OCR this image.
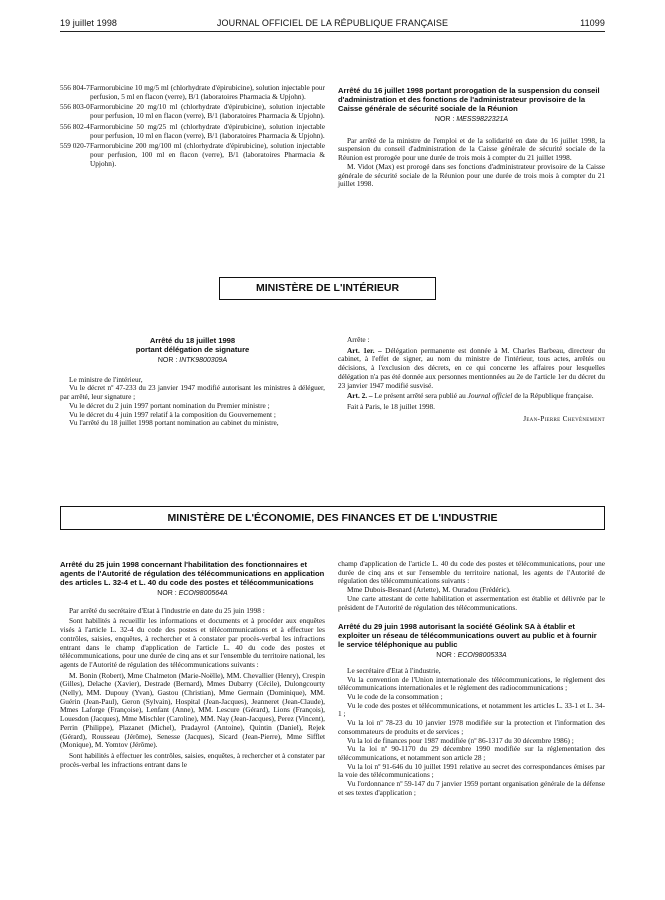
19 juillet 1998	JOURNAL OFFICIEL DE LA RÉPUBLIQUE FRANÇAISE	11099
556 804-7 Farmorubicine 10 mg/5 ml (chlorhydrate d'épirubicine), solution injectable pour perfusion, 5 ml en flacon (verre), B/1 (laboratoires Pharmacia & Upjohn).
556 803-0 Farmorubicine 20 mg/10 ml (chlorhydrate d'épirubicine), solution injectable pour perfusion, 10 ml en flacon (verre), B/1 (laboratoires Pharmacia & Upjohn).
556 802-4 Farmorubicine 50 mg/25 ml (chlorhydrate d'épirubicine), solution injectable pour perfusion, 10 ml en flacon (verre), B/1 (laboratoires Pharmacia & Upjohn).
559 020-7 Farmorubicine 200 mg/100 ml (chlorhydrate d'épirubicine), solution injectable pour perfusion, 100 ml en flacon (verre), B/1 (laboratoires Pharmacia & Upjohn).

Arrêté du 16 juillet 1998 portant prorogation de la suspension du conseil d'administration et des fonctions de l'administrateur provisoire de la Caisse générale de sécurité sociale de la Réunion

NOR : MESS9822321A

Par arrêté de la ministre de l'emploi et de la solidarité en date du 16 juillet 1998, la suspension du conseil d'administration de la Caisse générale de sécurité sociale de la Réunion est prorogée pour une durée de trois mois à compter du 21 juillet 1998.

M. Vidot (Max) est prorogé dans ses fonctions d'administrateur provisoire de la Caisse générale de sécurité sociale de la Réunion pour une durée de trois mois à compter du 21 juillet 1998.

MINISTÈRE DE L'INTÉRIEUR

Arrêté du 18 juillet 1998

portant délégation de signature

NOR : INTK9800309A

Le ministre de l'intérieur,

Vu le décret nº 47-233 du 23 janvier 1947 modifié autorisant les ministres à déléguer, par arrêté, leur signature ;

Vu le décret du 2 juin 1997 portant nomination du Premier ministre ;

Vu le décret du 4 juin 1997 relatif à la composition du Gouvernement ;

Vu l'arrêté du 18 juillet 1998 portant nomination au cabinet du ministre,

Arrête :

Art. 1er. – Délégation permanente est donnée à M. Charles Barbeau, directeur du cabinet, à l'effet de signer, au nom du ministre de l'intérieur, tous actes, arrêtés ou décisions, à l'exclusion des décrets, en ce qui concerne les affaires pour lesquelles délégation n'a pas été donnée aux personnes mentionnées au 2e de l'article 1er du décret du 23 janvier 1947 modifié susvisé.

Art. 2. – Le présent arrêté sera publié au Journal officiel de la République française.

Fait à Paris, le 18 juillet 1998.

Jean-Pierre Chevènement

MINISTÈRE DE L'ÉCONOMIE, DES FINANCES ET DE L'INDUSTRIE

Arrêté du 25 juin 1998 concernant l'habilitation des fonctionnaires et agents de l'Autorité de régulation des télécommunications en application des articles L. 32-4 et L. 40 du code des postes et télécommunications

NOR : ECOI9800564A

Par arrêté du secrétaire d'Etat à l'industrie en date du 25 juin 1998 :

Sont habilités à recueillir les informations et documents et à procéder aux enquêtes visés à l'article L. 32-4 du code des postes et télécommunications et à effectuer les contrôles, saisies, enquêtes, à rechercher et à constater par procès-verbal les infractions entrant dans le champ d'application de l'article L. 40 du code des postes et télécommunications, pour une durée de cinq ans et sur l'ensemble du territoire national, les agents de l'Autorité de régulation des télécommunications suivants :

M. Bonin (Robert), Mme Chalmeton (Marie-Noëlle), MM. Chevallier (Henry), Crespin (Gilles), Delache (Xavier), Destrade (Bernard), Mmes Dubarry (Cécile), Dulongcourty (Nelly), MM. Dupouy (Yvan), Gastou (Christian), Mme Germain (Dominique), MM. Guérin (Jean-Paul), Geron (Sylvain), Hospital (Jean-Jacques), Jeanneret (Jean-Claude), Mmes Laforge (Françoise), Lenfant (Anne), MM. Lescure (Gérard), Lions (François), Louesdon (Jacques), Mme Mischler (Caroline), MM. Nay (Jean-Jacques), Perez (Vincent), Perrin (Philippe), Plazanet (Michel), Pradayrol (Antoine), Quintin (Daniel), Rejek (Gérard), Rousseau (Jérôme), Senesse (Jacques), Sicard (Jean-Pierre), Mme Sifflet (Monique), M. Yomtov (Jérôme).

Sont habilités à effectuer les contrôles, saisies, enquêtes, à rechercher et à constater par procès-verbal les infractions entrant dans le

champ d'application de l'article L. 40 du code des postes et télécommunications, pour une durée de cinq ans et sur l'ensemble du territoire national, les agents de l'Autorité de régulation des télécommunications suivants :

Mme Dubois-Besnard (Arlette), M. Ouradou (Frédéric).

Une carte attestant de cette habilitation et assermentation est établie et délivrée par le président de l'Autorité de régulation des télécommunications.

Arrêté du 29 juin 1998 autorisant la société Géolink SA à établir et exploiter un réseau de télécommunications ouvert au public et à fournir le service téléphonique au public

NOR : ECOI9800533A

Le secrétaire d'Etat à l'industrie,

Vu la convention de l'Union internationale des télécommunications, le règlement des télécommunications internationales et le règlement des radiocommunications ;

Vu le code de la consommation ;

Vu le code des postes et télécommunications, et notamment les articles L. 33-1 et L. 34-1 ;

Vu la loi nº 78-23 du 10 janvier 1978 modifiée sur la protection et l'information des consommateurs de produits et de services ;

Vu la loi de finances pour 1987 modifiée (nº 86-1317 du 30 décembre 1986) ;

Vu la loi nº 90-1170 du 29 décembre 1990 modifiée sur la réglementation des télécommunications, et notamment son article 28 ;

Vu la loi nº 91-646 du 10 juillet 1991 relative au secret des correspondances émises par la voie des télécommunications ;

Vu l'ordonnance nº 59-147 du 7 janvier 1959 portant organisation générale de la défense et ses textes d'application ;
